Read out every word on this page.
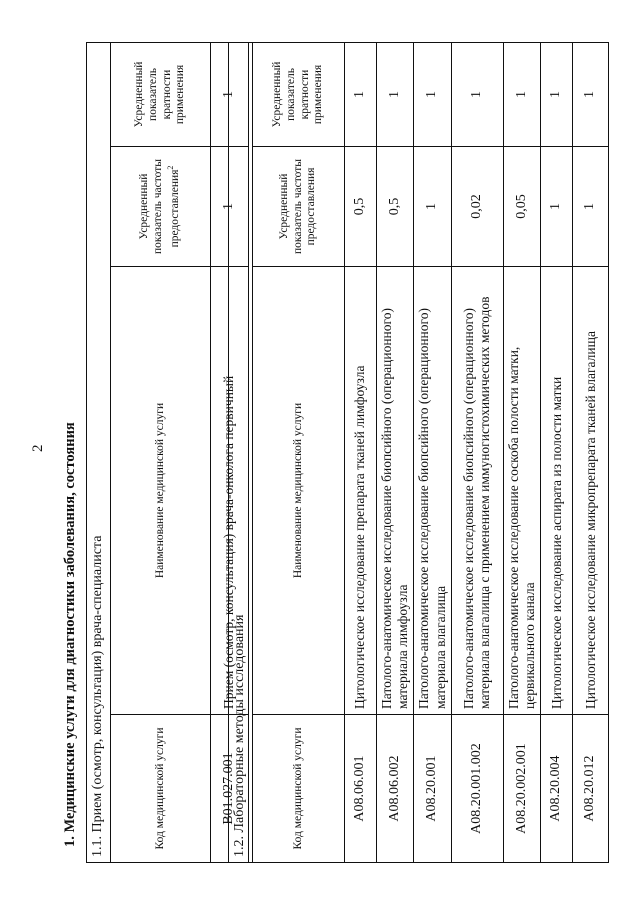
2 1. Медицинские услуги для диагностики заболевания, состояния 1.1. Прием (осмотр, консультация) врача-специалиста			
Код медицинской услуги	Наименование медицинской услуги	Усредненный показатель частоты предоставления$^2$	Усредненный показатель кратности применения
B01.027.001	Прием (осмотр, консультация) врача-онколога первичный	1	1
1.2. Лабораторные методы исследования			
Код медицинской услуги	Наименование медицинской услуги	Усредненный показатель частоты предоставления	Усредненный показатель кратности применения
A08.06.001	Цитологическое исследование препарата тканей лимфоузла	0,5	1
A08.06.002	Патолого-анатомическое исследование биопсийного (операционного) материала лимфоузла	0,5	1
A08.20.001	Патолого-анатомическое исследование биопсийного (операционного) материала влагалища	1	1
A08.20.001.002	Патолого-анатомическое исследование биопсийного (операционного) материала влагалища с применением иммуногистохимических методов	0,02	1
A08.20.002.001	Патолого-анатомическое исследование соскоба полости матки, цервикального канала	0,05	1
A08.20.004	Цитологическое исследование аспирата из полости матки	1	1
A08.20.012	Цитологическое исследование микропрепарата тканей влагалища	1	1
